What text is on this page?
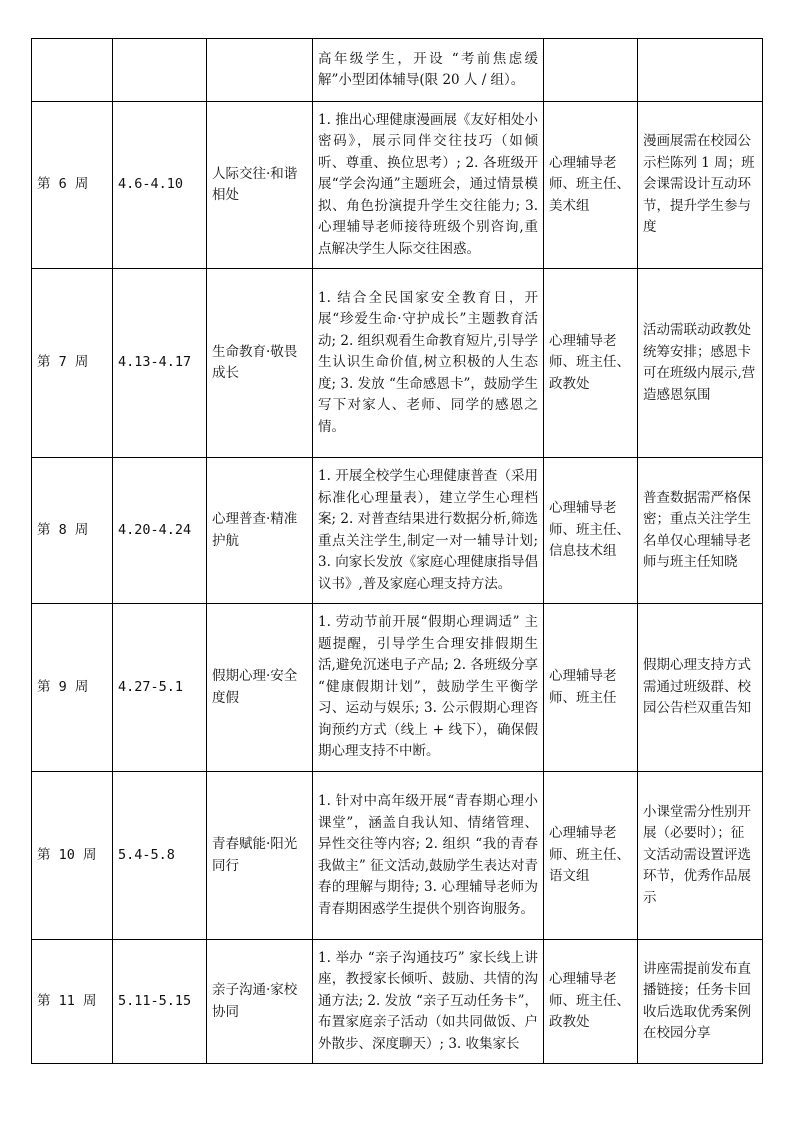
			高年级学生，开设 “考前焦虑缓解”小型团体辅导(限 20 人 / 组）。		
第 6 周	4.6-4.10	人际交往·和谐相处	1. 推出心理健康漫画展《友好相处小密码》，展示同伴交往技巧（如倾听、尊重、换位思考）; 2. 各班级开展“学会沟通”主题班会，通过情景模拟、角色扮演提升学生交往能力; 3. 心理辅导老师接待班级个别咨询,重点解决学生人际交往困惑。	心理辅导老师、班主任、美术组	漫画展需在校园公示栏陈列 1 周；班会课需设计互动环节，提升学生参与度
第 7 周	4.13-4.17	生命教育·敬畏成长	1. 结合全民国家安全教育日，开展“珍爱生命·守护成长”主题教育活动; 2. 组织观看生命教育短片,引导学生认识生命价值,树立积极的人生态度; 3. 发放 “生命感恩卡”，鼓励学生写下对家人、老师、同学的感恩之情。	心理辅导老师、班主任、政教处	活动需联动政教处统筹安排；感恩卡可在班级内展示,营造感恩氛围
第 8 周	4.20-4.24	心理普查·精准护航	1. 开展全校学生心理健康普查（采用标准化心理量表），建立学生心理档案; 2. 对普查结果进行数据分析,筛选重点关注学生,制定一对一辅导计划; 3. 向家长发放《家庭心理健康指导倡议书》,普及家庭心理支持方法。	心理辅导老师、班主任、信息技术组	普查数据需严格保密；重点关注学生名单仅心理辅导老师与班主任知晓
第 9 周	4.27-5.1	假期心理·安全度假	1. 劳动节前开展“假期心理调适” 主题提醒，引导学生合理安排假期生活,避免沉迷电子产品; 2. 各班级分享 “健康假期计划”，鼓励学生平衡学习、运动与娱乐; 3. 公示假期心理咨询预约方式（线上 + 线下），确保假期心理支持不中断。	心理辅导老师、班主任	假期心理支持方式需通过班级群、校园公告栏双重告知
第 10 周	5.4-5.8	青春赋能·阳光同行	1. 针对中高年级开展“青春期心理小课堂”，涵盖自我认知、情绪管理、异性交往等内容; 2. 组织 “我的青春我做主” 征文活动,鼓励学生表达对青春的理解与期待; 3. 心理辅导老师为青春期困惑学生提供个别咨询服务。	心理辅导老师、班主任、语文组	小课堂需分性别开展（必要时）；征文活动需设置评选环节，优秀作品展示
第 11 周	5.11-5.15	亲子沟通·家校协同	1. 举办 “亲子沟通技巧” 家长线上讲座，教授家长倾听、鼓励、共情的沟通方法; 2. 发放 “亲子互动任务卡”，布置家庭亲子活动（如共同做饭、户外散步、深度聊天）; 3. 收集家长	心理辅导老师、班主任、政教处	讲座需提前发布直播链接；任务卡回收后选取优秀案例在校园分享
